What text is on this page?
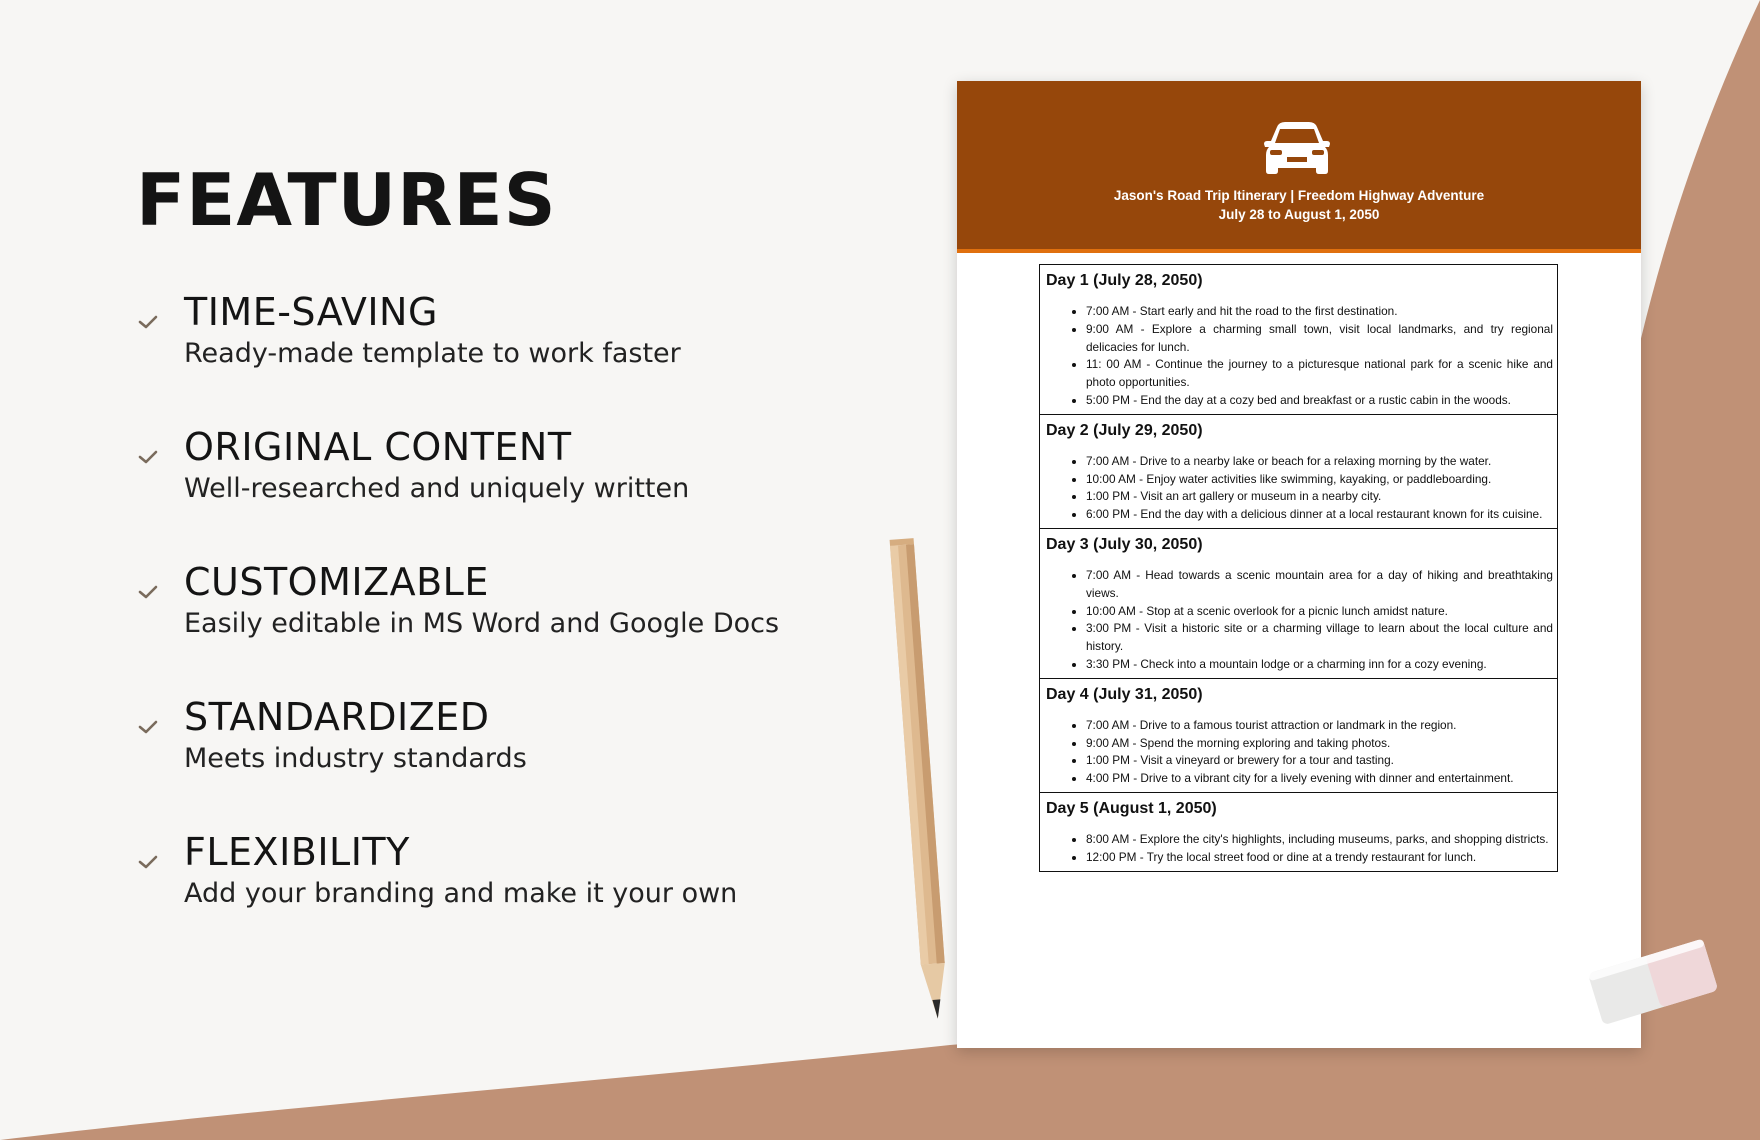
FEATURES
TIME-SAVING
Ready-made template to work faster
ORIGINAL CONTENT
Well-researched and uniquely written
CUSTOMIZABLE
Easily editable in MS Word and Google Docs
STANDARDIZED
Meets industry standards
FLEXIBILITY
Add your branding and make it your own
Jason's Road Trip Itinerary | Freedom Highway Adventure
July 28 to August 1, 2050
Day 1 (July 28, 2050)
• 7:00 AM - Start early and hit the road to the first destination.
• 9:00 AM - Explore a charming small town, visit local landmarks, and try regional delicacies for lunch.
• 11: 00 AM - Continue the journey to a picturesque national park for a scenic hike and photo opportunities.
• 5:00 PM - End the day at a cozy bed and breakfast or a rustic cabin in the woods.
Day 2 (July 29, 2050)
• 7:00 AM - Drive to a nearby lake or beach for a relaxing morning by the water.
• 10:00 AM - Enjoy water activities like swimming, kayaking, or paddleboarding.
• 1:00 PM - Visit an art gallery or museum in a nearby city.
• 6:00 PM - End the day with a delicious dinner at a local restaurant known for its cuisine.
Day 3 (July 30, 2050)
• 7:00 AM - Head towards a scenic mountain area for a day of hiking and breathtaking views.
• 10:00 AM - Stop at a scenic overlook for a picnic lunch amidst nature.
• 3:00 PM - Visit a historic site or a charming village to learn about the local culture and history.
• 3:30 PM - Check into a mountain lodge or a charming inn for a cozy evening.
Day 4 (July 31, 2050)
• 7:00 AM - Drive to a famous tourist attraction or landmark in the region.
• 9:00 AM - Spend the morning exploring and taking photos.
• 1:00 PM - Visit a vineyard or brewery for a tour and tasting.
• 4:00 PM - Drive to a vibrant city for a lively evening with dinner and entertainment.
Day 5 (August 1, 2050)
• 8:00 AM - Explore the city's highlights, including museums, parks, and shopping districts.
• 12:00 PM - Try the local street food or dine at a trendy restaurant for lunch.
